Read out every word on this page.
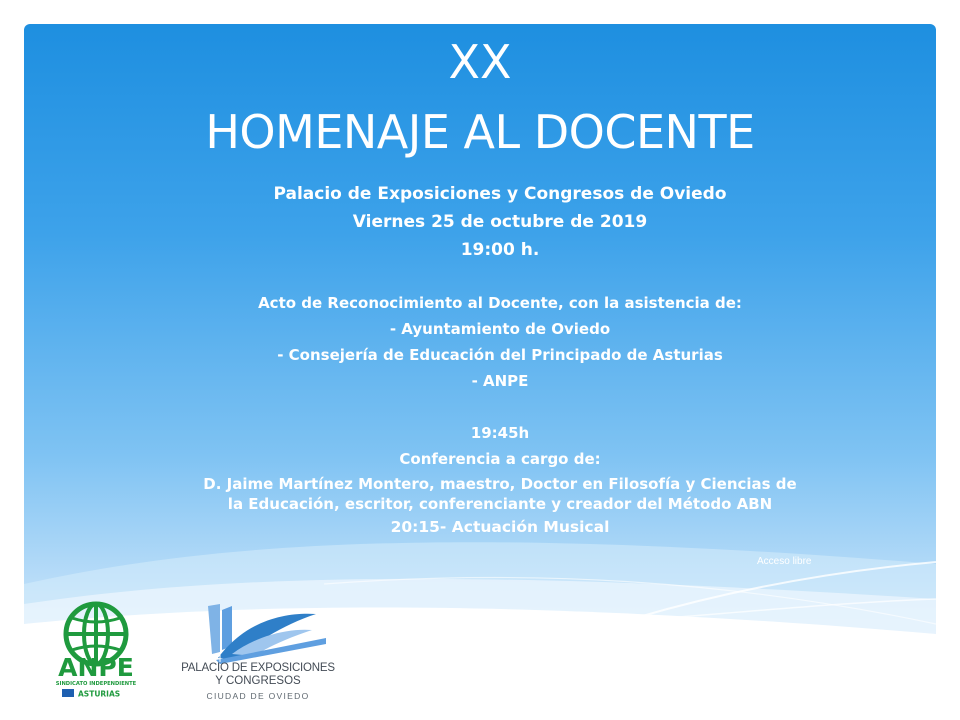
XX
HOMENAJE AL DOCENTE
Palacio de Exposiciones y Congresos de Oviedo
Viernes 25 de octubre de 2019
19:00 h.
Acto de Reconocimiento al Docente, con la asistencia de:
- Ayuntamiento de Oviedo
- Consejería de Educación del Principado de Asturias
- ANPE
19:45h
Conferencia a cargo de:
D. Jaime Martínez Montero, maestro, Doctor en Filosofía y Ciencias de
la Educación, escritor, conferenciante y creador del Método ABN
20:15- Actuación Musical
Acceso libre
ANPE
SINDICATO INDEPENDIENTE
ASTURIAS
PALACIO DE EXPOSICIONES
Y CONGRESOS
CIUDAD DE OVIEDO
